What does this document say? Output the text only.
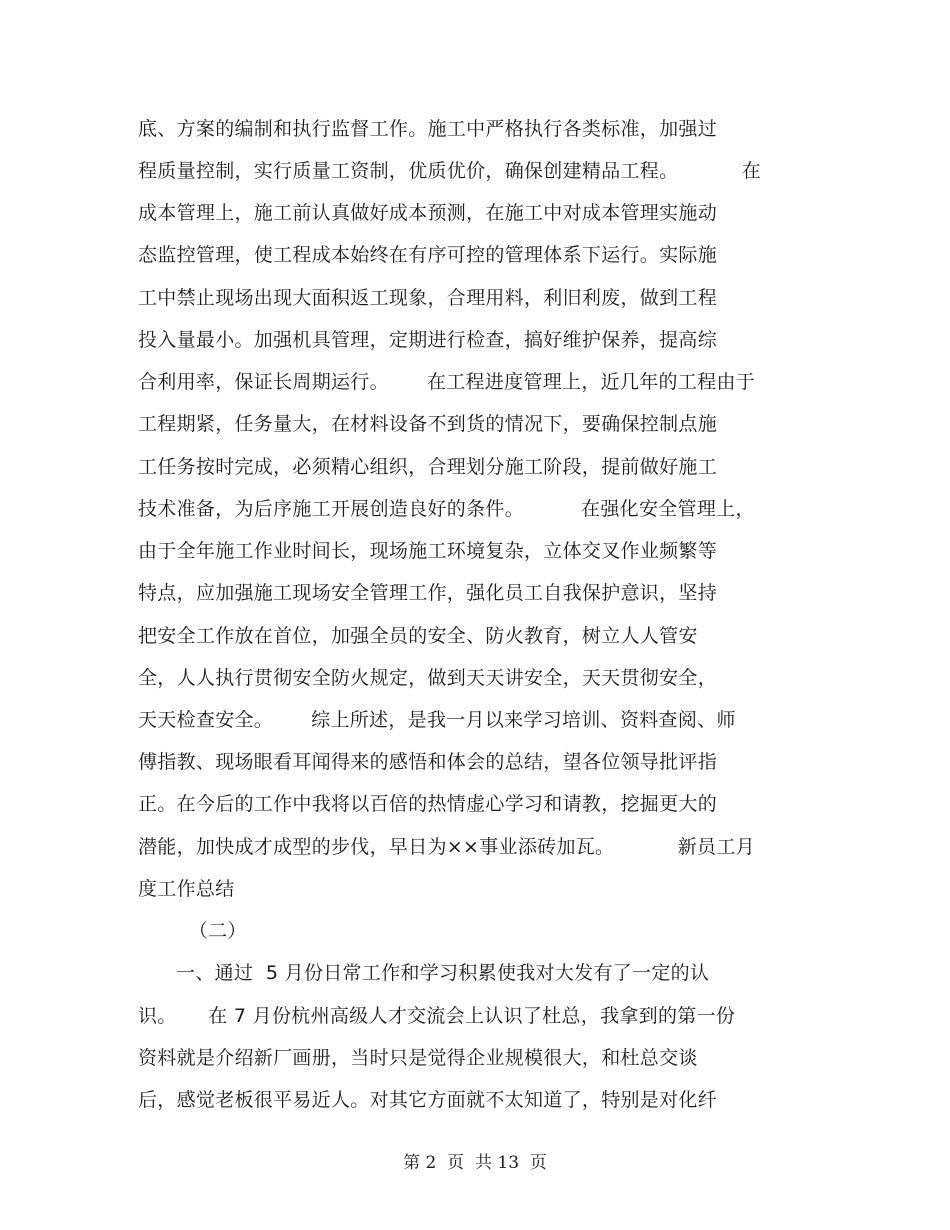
底、方案的编制和执行监督工作。施工中严格执行各类标准，加强过
程质量控制，实行质量工资制，优质优价，确保创建精品工程。          在
成本管理上，施工前认真做好成本预测，在施工中对成本管理实施动
态监控管理，使工程成本始终在有序可控的管理体系下运行。实际施
工中禁止现场出现大面积返工现象，合理用料，利旧利废，做到工程
投入量最小。加强机具管理，定期进行检查，搞好维护保养，提高综
合利用率，保证长周期运行。      在工程进度管理上，近几年的工程由于
工程期紧，任务量大，在材料设备不到货的情况下，要确保控制点施
工任务按时完成，必须精心组织，合理划分施工阶段，提前做好施工
技术准备，为后序施工开展创造良好的条件。         在强化安全管理上，
由于全年施工作业时间长，现场施工环境复杂，立体交叉作业频繁等
特点，应加强施工现场安全管理工作，强化员工自我保护意识，坚持
把安全工作放在首位，加强全员的安全、防火教育，树立人人管安
全，人人执行贯彻安全防火规定，做到天天讲安全，天天贯彻安全，
天天检查安全。      综上所述，是我一月以来学习培训、资料查阅、师
傅指教、现场眼看耳闻得来的感悟和体会的总结，望各位领导批评指
正。在今后的工作中我将以百倍的热情虚心学习和请教，挖掘更大的
潜能，加快成才成型的步伐，早日为××事业添砖加瓦。          新员工月
度工作总结
（二）
一、通过  5 月份日常工作和学习积累使我对大发有了一定的认
识。     在 7 月份杭州高级人才交流会上认识了杜总，我拿到的第一份
资料就是介绍新厂画册，当时只是觉得企业规模很大，和杜总交谈
后，感觉老板很平易近人。对其它方面就不太知道了，特别是对化纤
第 2  页  共 13  页
